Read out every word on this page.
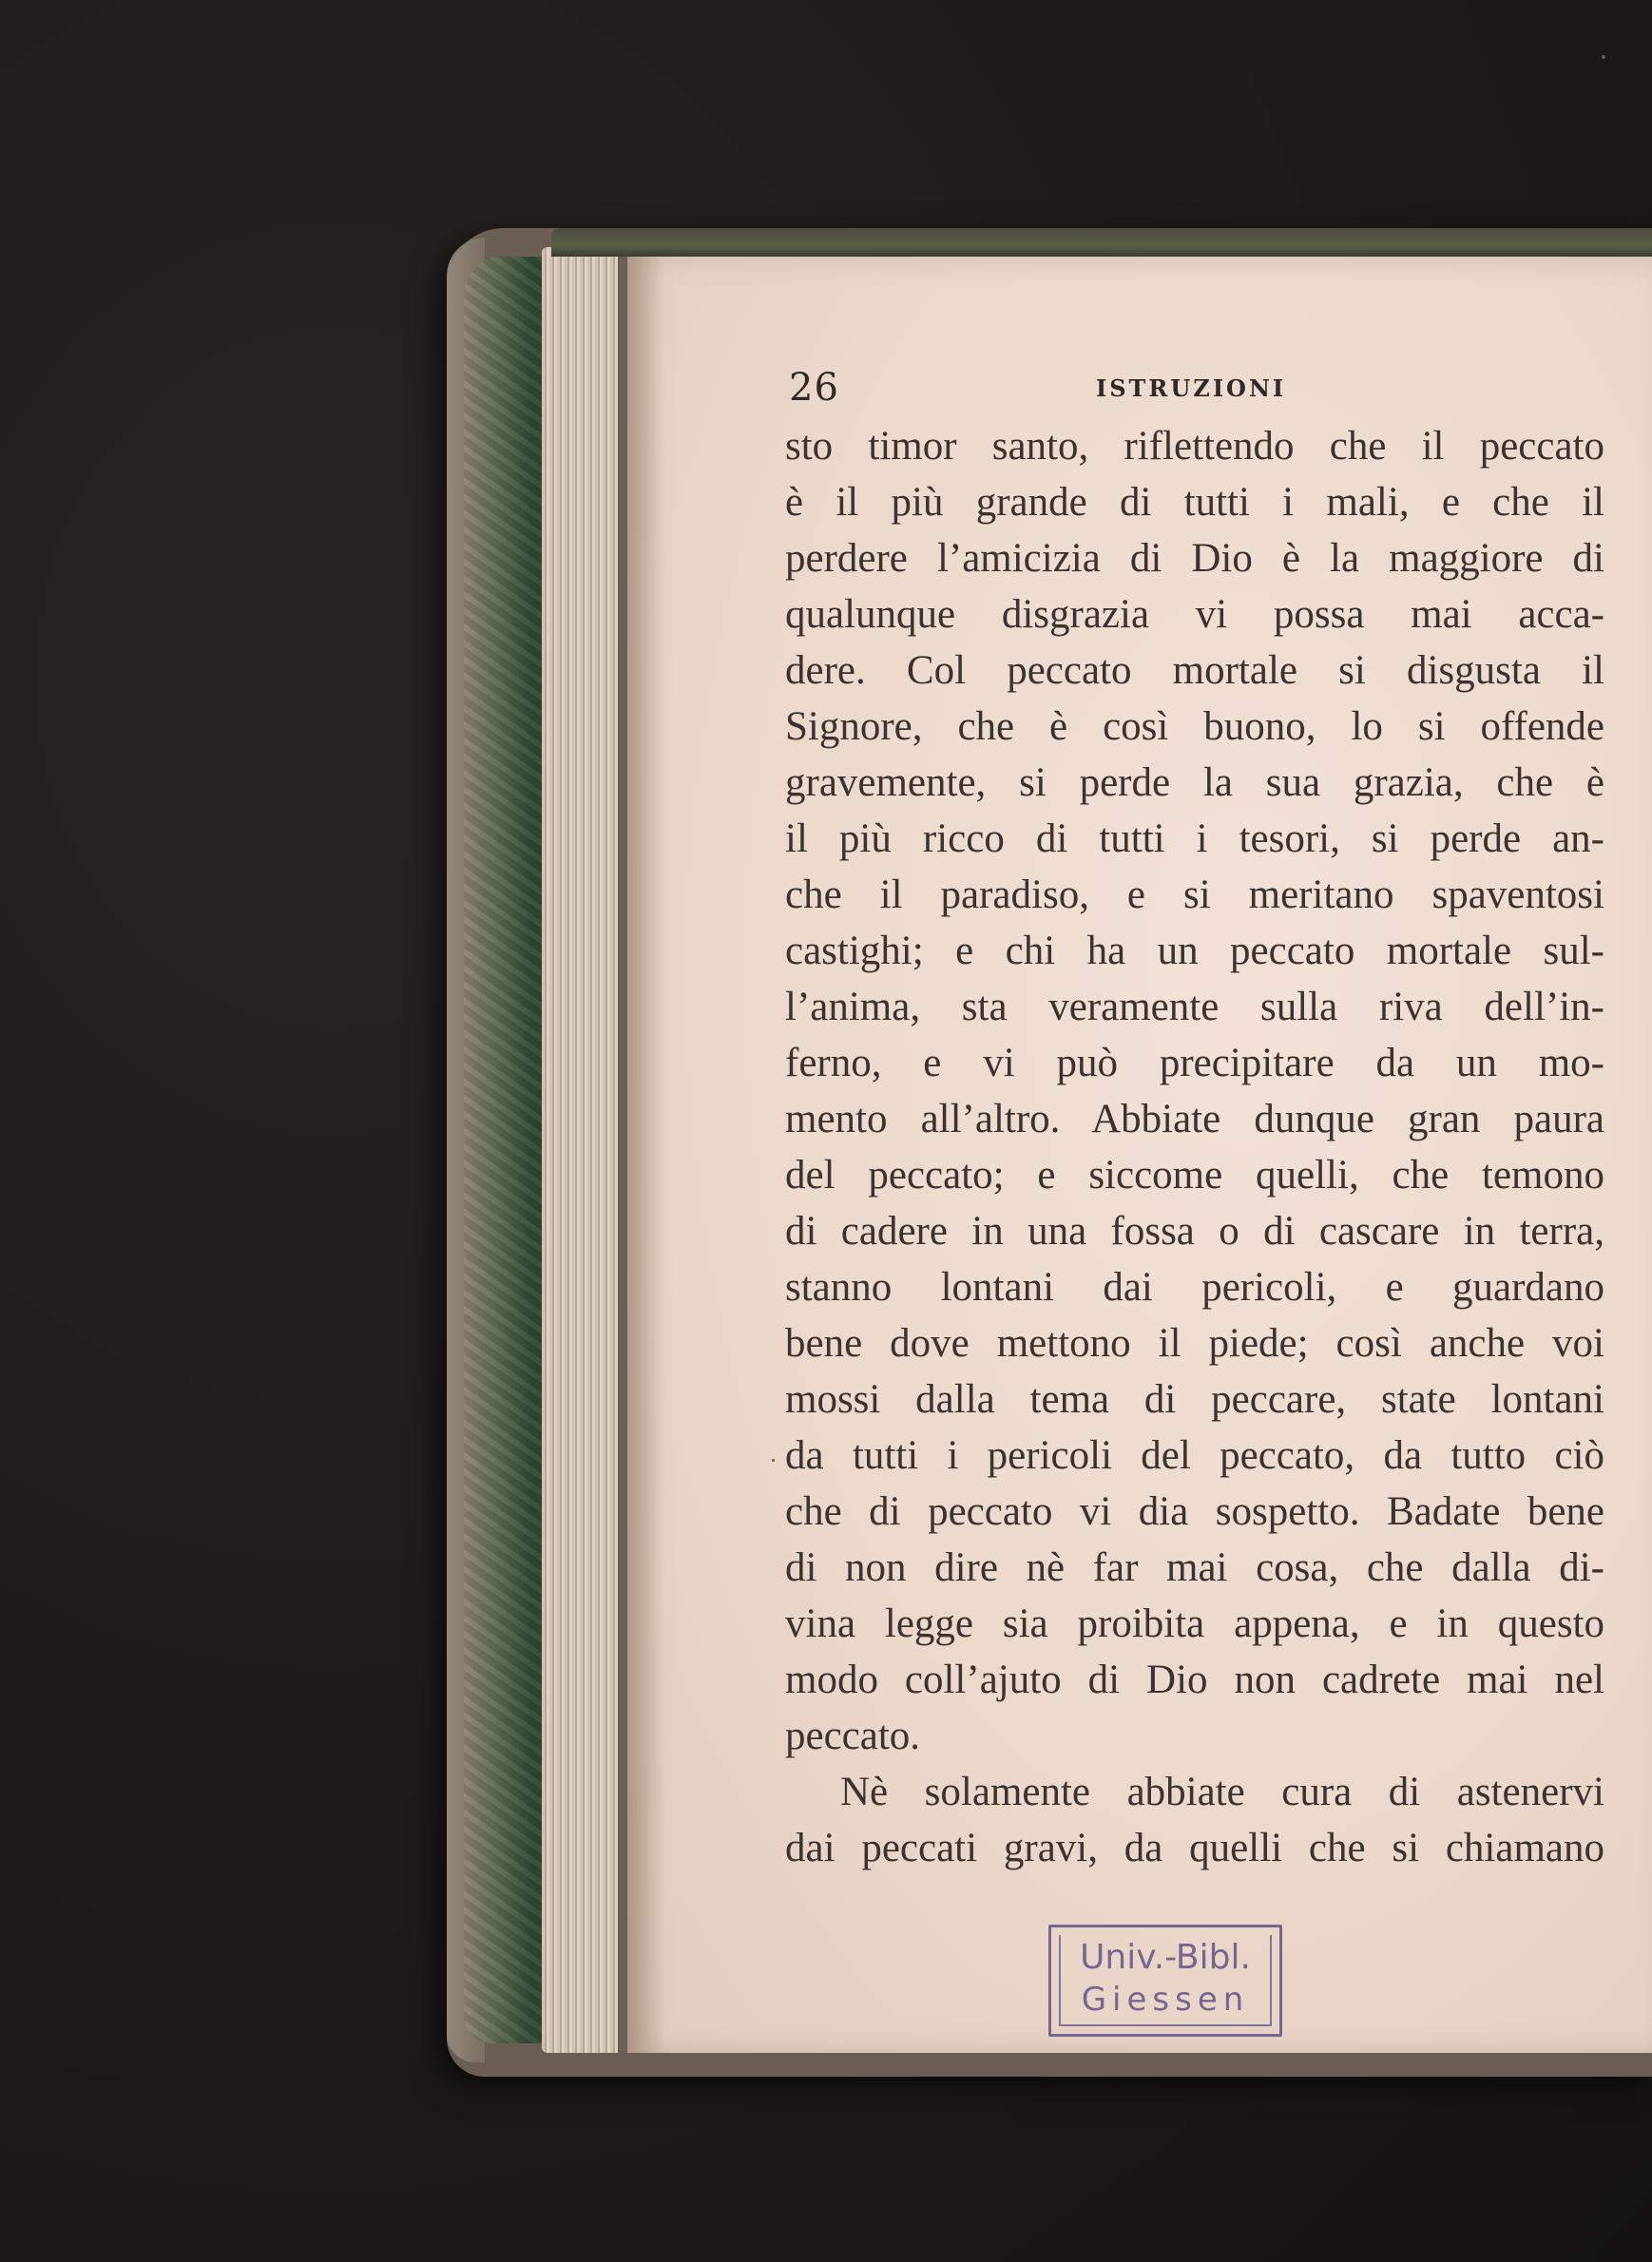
26	ISTRUZIONI
sto timor santo, riflettendo che il peccato
è il più grande di tutti i mali, e che il
perdere l’amicizia di Dio è la maggiore di
qualunque disgrazia vi possa mai acca-
dere. Col peccato mortale si disgusta il
Signore, che è così buono, lo si offende
gravemente, si perde la sua grazia, che è
il più ricco di tutti i tesori, si perde an-
che il paradiso, e si meritano spaventosi
castighi; e chi ha un peccato mortale sul-
l’anima, sta veramente sulla riva dell’in-
ferno, e vi può precipitare da un mo-
mento all’altro. Abbiate dunque gran paura
del peccato; e siccome quelli, che temono
di cadere in una fossa o di cascare in terra,
stanno lontani dai pericoli, e guardano
bene dove mettono il piede; così anche voi
mossi dalla tema di peccare, state lontani
da tutti i pericoli del peccato, da tutto ciò
che di peccato vi dia sospetto. Badate bene
di non dire nè far mai cosa, che dalla di-
vina legge sia proibita appena, e in questo
modo coll’ajuto di Dio non cadrete mai nel
peccato.
Nè solamente abbiate cura di astenervi
dai peccati gravi, da quelli che si chiamano
Univ.-Bibl.
Giessen
